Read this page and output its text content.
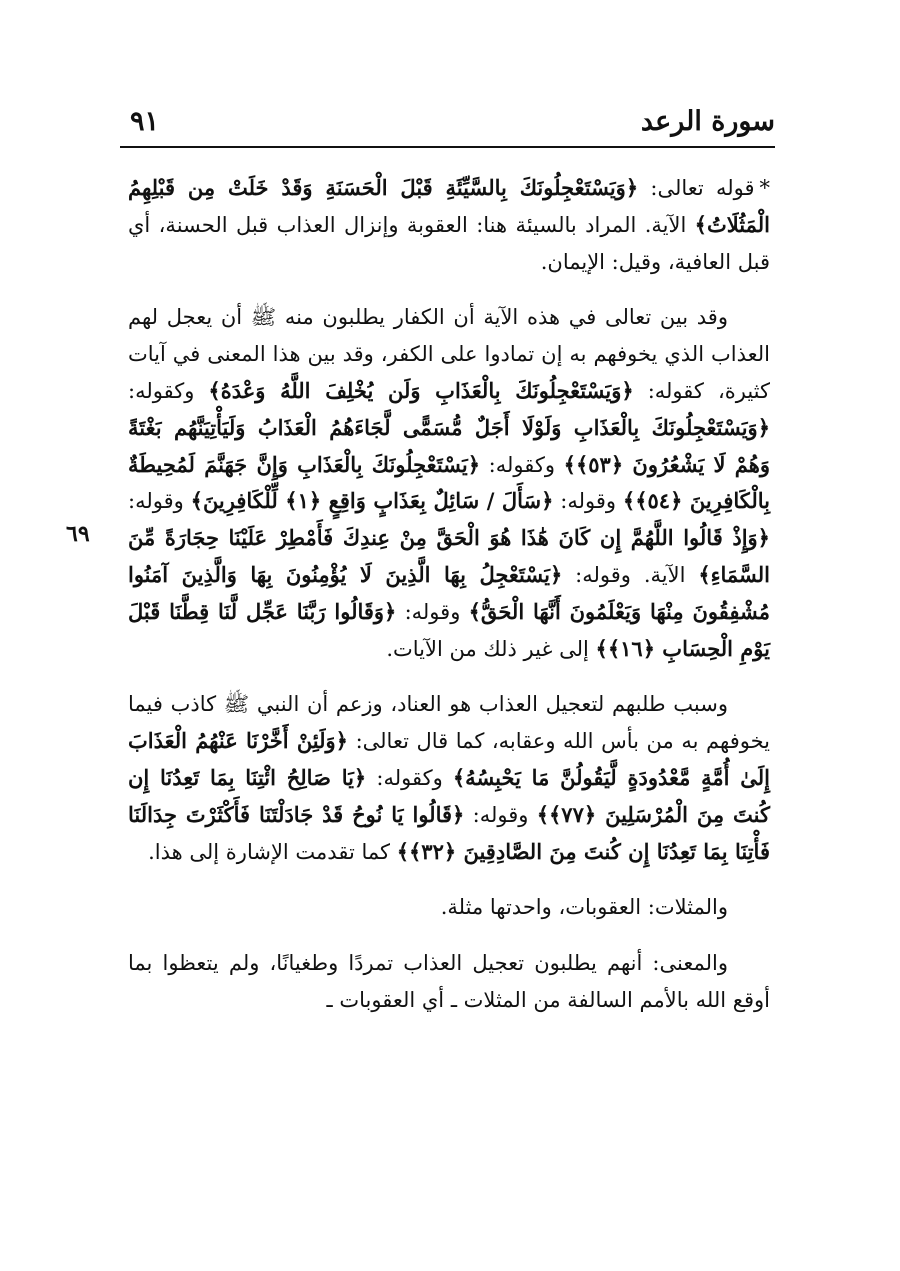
سورة الرعد
٩١
٦٩

*قوله تعالى: ﴿وَيَسْتَعْجِلُونَكَ بِالسَّيِّئَةِ قَبْلَ الْحَسَنَةِ وَقَدْ خَلَتْ مِن قَبْلِهِمُ الْمَثُلَاتُ﴾ الآية. المراد بالسيئة هنا: العقوبة وإنزال العذاب قبل الحسنة، أي قبل العافية، وقيل: الإيمان.

وقد بين تعالى في هذه الآية أن الكفار يطلبون منه ﷺ أن يعجل لهم العذاب الذي يخوفهم به إن تمادوا على الكفر، وقد بين هذا المعنى في آيات كثيرة، كقوله: ﴿وَيَسْتَعْجِلُونَكَ بِالْعَذَابِ وَلَن يُخْلِفَ اللَّهُ وَعْدَهُ﴾ وكقوله: ﴿وَيَسْتَعْجِلُونَكَ بِالْعَذَابِ وَلَوْلَا أَجَلٌ مُّسَمًّى لَّجَاءَهُمُ الْعَذَابُ وَلَيَأْتِيَنَّهُم بَغْتَةً وَهُمْ لَا يَشْعُرُونَ ﴿٥٣﴾﴾ وكقوله: ﴿يَسْتَعْجِلُونَكَ بِالْعَذَابِ وَإِنَّ جَهَنَّمَ لَمُحِيطَةٌ بِالْكَافِرِينَ ﴿٥٤﴾﴾ وقوله: ﴿سَأَلَ / سَائِلٌ بِعَذَابٍ وَاقِعٍ ﴿١﴾ لِّلْكَافِرِينَ﴾ وقوله: ﴿وَإِذْ قَالُوا اللَّهُمَّ إِن كَانَ هَٰذَا هُوَ الْحَقَّ مِنْ عِندِكَ فَأَمْطِرْ عَلَيْنَا حِجَارَةً مِّنَ السَّمَاءِ﴾ الآية. وقوله: ﴿يَسْتَعْجِلُ بِهَا الَّذِينَ لَا يُؤْمِنُونَ بِهَا وَالَّذِينَ آمَنُوا مُشْفِقُونَ مِنْهَا وَيَعْلَمُونَ أَنَّهَا الْحَقُّ﴾ وقوله: ﴿وَقَالُوا رَبَّنَا عَجِّل لَّنَا قِطَّنَا قَبْلَ يَوْمِ الْحِسَابِ ﴿١٦﴾﴾ إلى غير ذلك من الآيات.

وسبب طلبهم لتعجيل العذاب هو العناد، وزعم أن النبي ﷺ كاذب فيما يخوفهم به من بأس الله وعقابه، كما قال تعالى: ﴿وَلَئِنْ أَخَّرْنَا عَنْهُمُ الْعَذَابَ إِلَىٰ أُمَّةٍ مَّعْدُودَةٍ لَّيَقُولُنَّ مَا يَحْبِسُهُ﴾ وكقوله: ﴿يَا صَالِحُ ائْتِنَا بِمَا تَعِدُنَا إِن كُنتَ مِنَ الْمُرْسَلِينَ ﴿٧٧﴾﴾ وقوله: ﴿قَالُوا يَا نُوحُ قَدْ جَادَلْتَنَا فَأَكْثَرْتَ جِدَالَنَا فَأْتِنَا بِمَا تَعِدُنَا إِن كُنتَ مِنَ الصَّادِقِينَ ﴿٣٢﴾﴾ كما تقدمت الإشارة إلى هذا.

والمثلات: العقوبات، واحدتها مثلة.

والمعنى: أنهم يطلبون تعجيل العذاب تمردًا وطغيانًا، ولم يتعظوا بما أوقع الله بالأمم السالفة من المثلات ـ أي العقوبات ـ
